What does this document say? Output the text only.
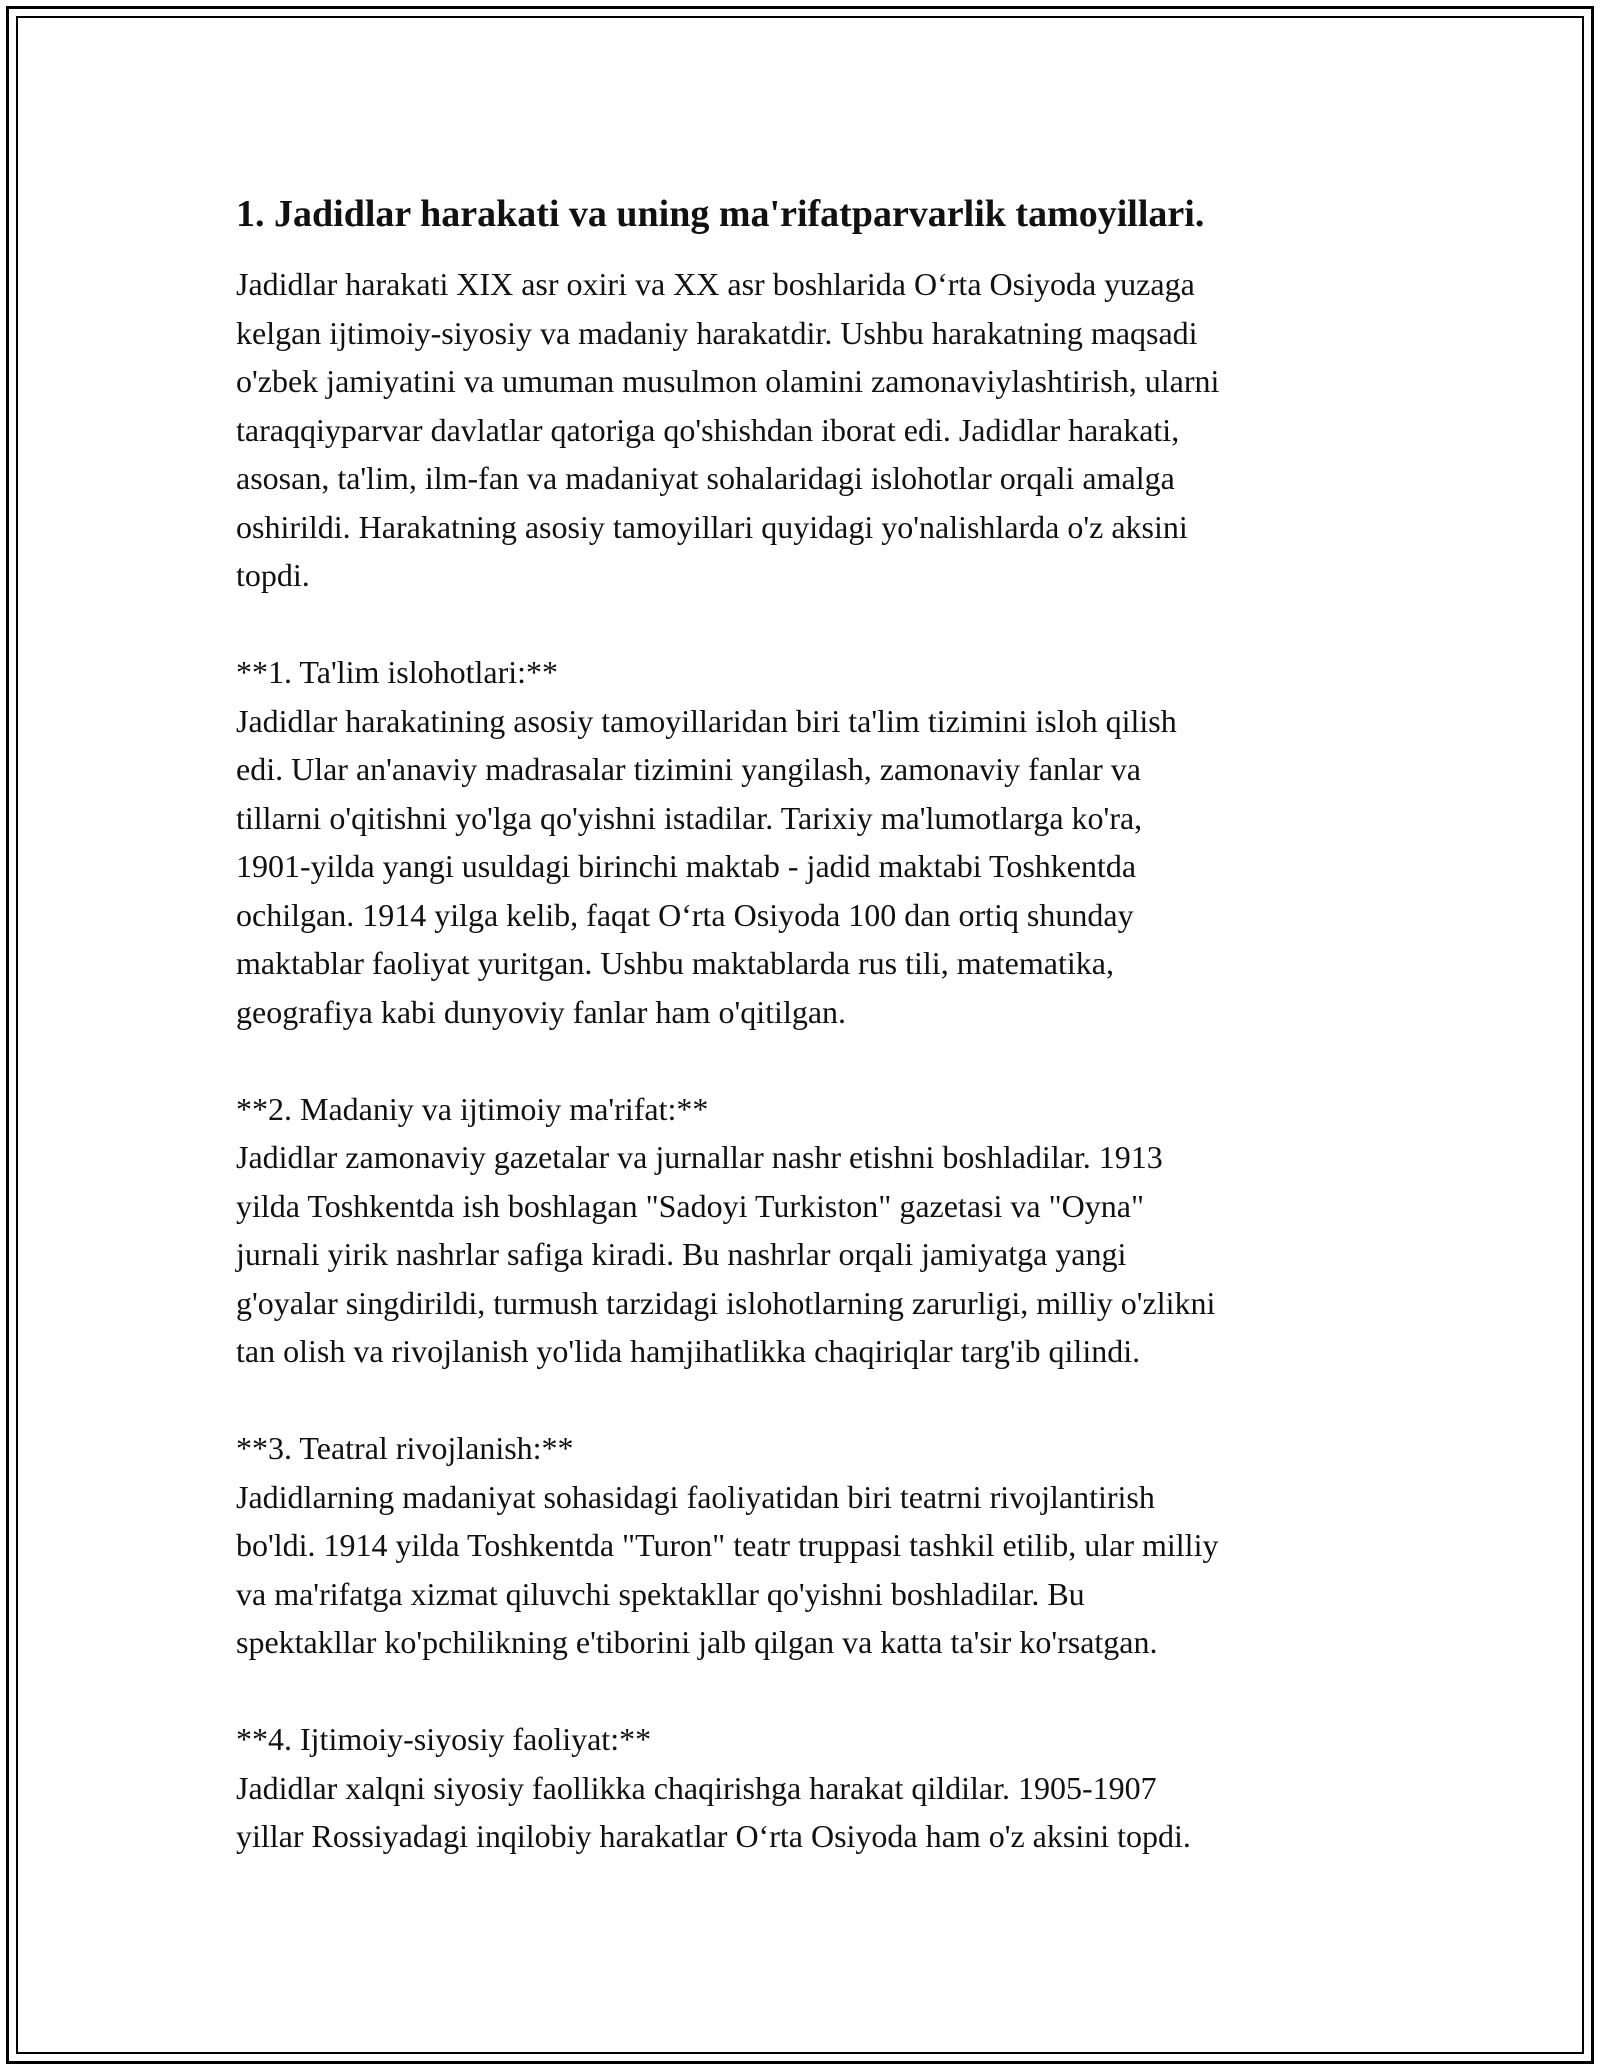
1. Jadidlar harakati va uning ma'rifatparvarlik tamoyillari.

Jadidlar harakati XIX asr oxiri va XX asr boshlarida O‘rta Osiyoda yuzaga
kelgan ijtimoiy-siyosiy va madaniy harakatdir. Ushbu harakatning maqsadi
o'zbek jamiyatini va umuman musulmon olamini zamonaviylashtirish, ularni
taraqqiyparvar davlatlar qatoriga qo'shishdan iborat edi. Jadidlar harakati,
asosan, ta'lim, ilm-fan va madaniyat sohalaridagi islohotlar orqali amalga
oshirildi. Harakatning asosiy tamoyillari quyidagi yo'nalishlarda o'z aksini
topdi.

**1. Ta'lim islohotlari:**

Jadidlar harakatining asosiy tamoyillaridan biri ta'lim tizimini isloh qilish
edi. Ular an'anaviy madrasalar tizimini yangilash, zamonaviy fanlar va
tillarni o'qitishni yo'lga qo'yishni istadilar. Tarixiy ma'lumotlarga ko'ra,
1901-yilda yangi usuldagi birinchi maktab - jadid maktabi Toshkentda
ochilgan. 1914 yilga kelib, faqat O‘rta Osiyoda 100 dan ortiq shunday
maktablar faoliyat yuritgan. Ushbu maktablarda rus tili, matematika,
geografiya kabi dunyoviy fanlar ham o'qitilgan.

**2. Madaniy va ijtimoiy ma'rifat:**

Jadidlar zamonaviy gazetalar va jurnallar nashr etishni boshladilar. 1913
yilda Toshkentda ish boshlagan "Sadoyi Turkiston" gazetasi va "Oyna"
jurnali yirik nashrlar safiga kiradi. Bu nashrlar orqali jamiyatga yangi
g'oyalar singdirildi, turmush tarzidagi islohotlarning zarurligi, milliy o'zlikni
tan olish va rivojlanish yo'lida hamjihatlikka chaqiriqlar targ'ib qilindi.

**3. Teatral rivojlanish:**

Jadidlarning madaniyat sohasidagi faoliyatidan biri teatrni rivojlantirish
bo'ldi. 1914 yilda Toshkentda "Turon" teatr truppasi tashkil etilib, ular milliy
va ma'rifatga xizmat qiluvchi spektakllar qo'yishni boshladilar. Bu
spektakllar ko'pchilikning e'tiborini jalb qilgan va katta ta'sir ko'rsatgan.

**4. Ijtimoiy-siyosiy faoliyat:**

Jadidlar xalqni siyosiy faollikka chaqirishga harakat qildilar. 1905-1907
yillar Rossiyadagi inqilobiy harakatlar O‘rta Osiyoda ham o'z aksini topdi.
